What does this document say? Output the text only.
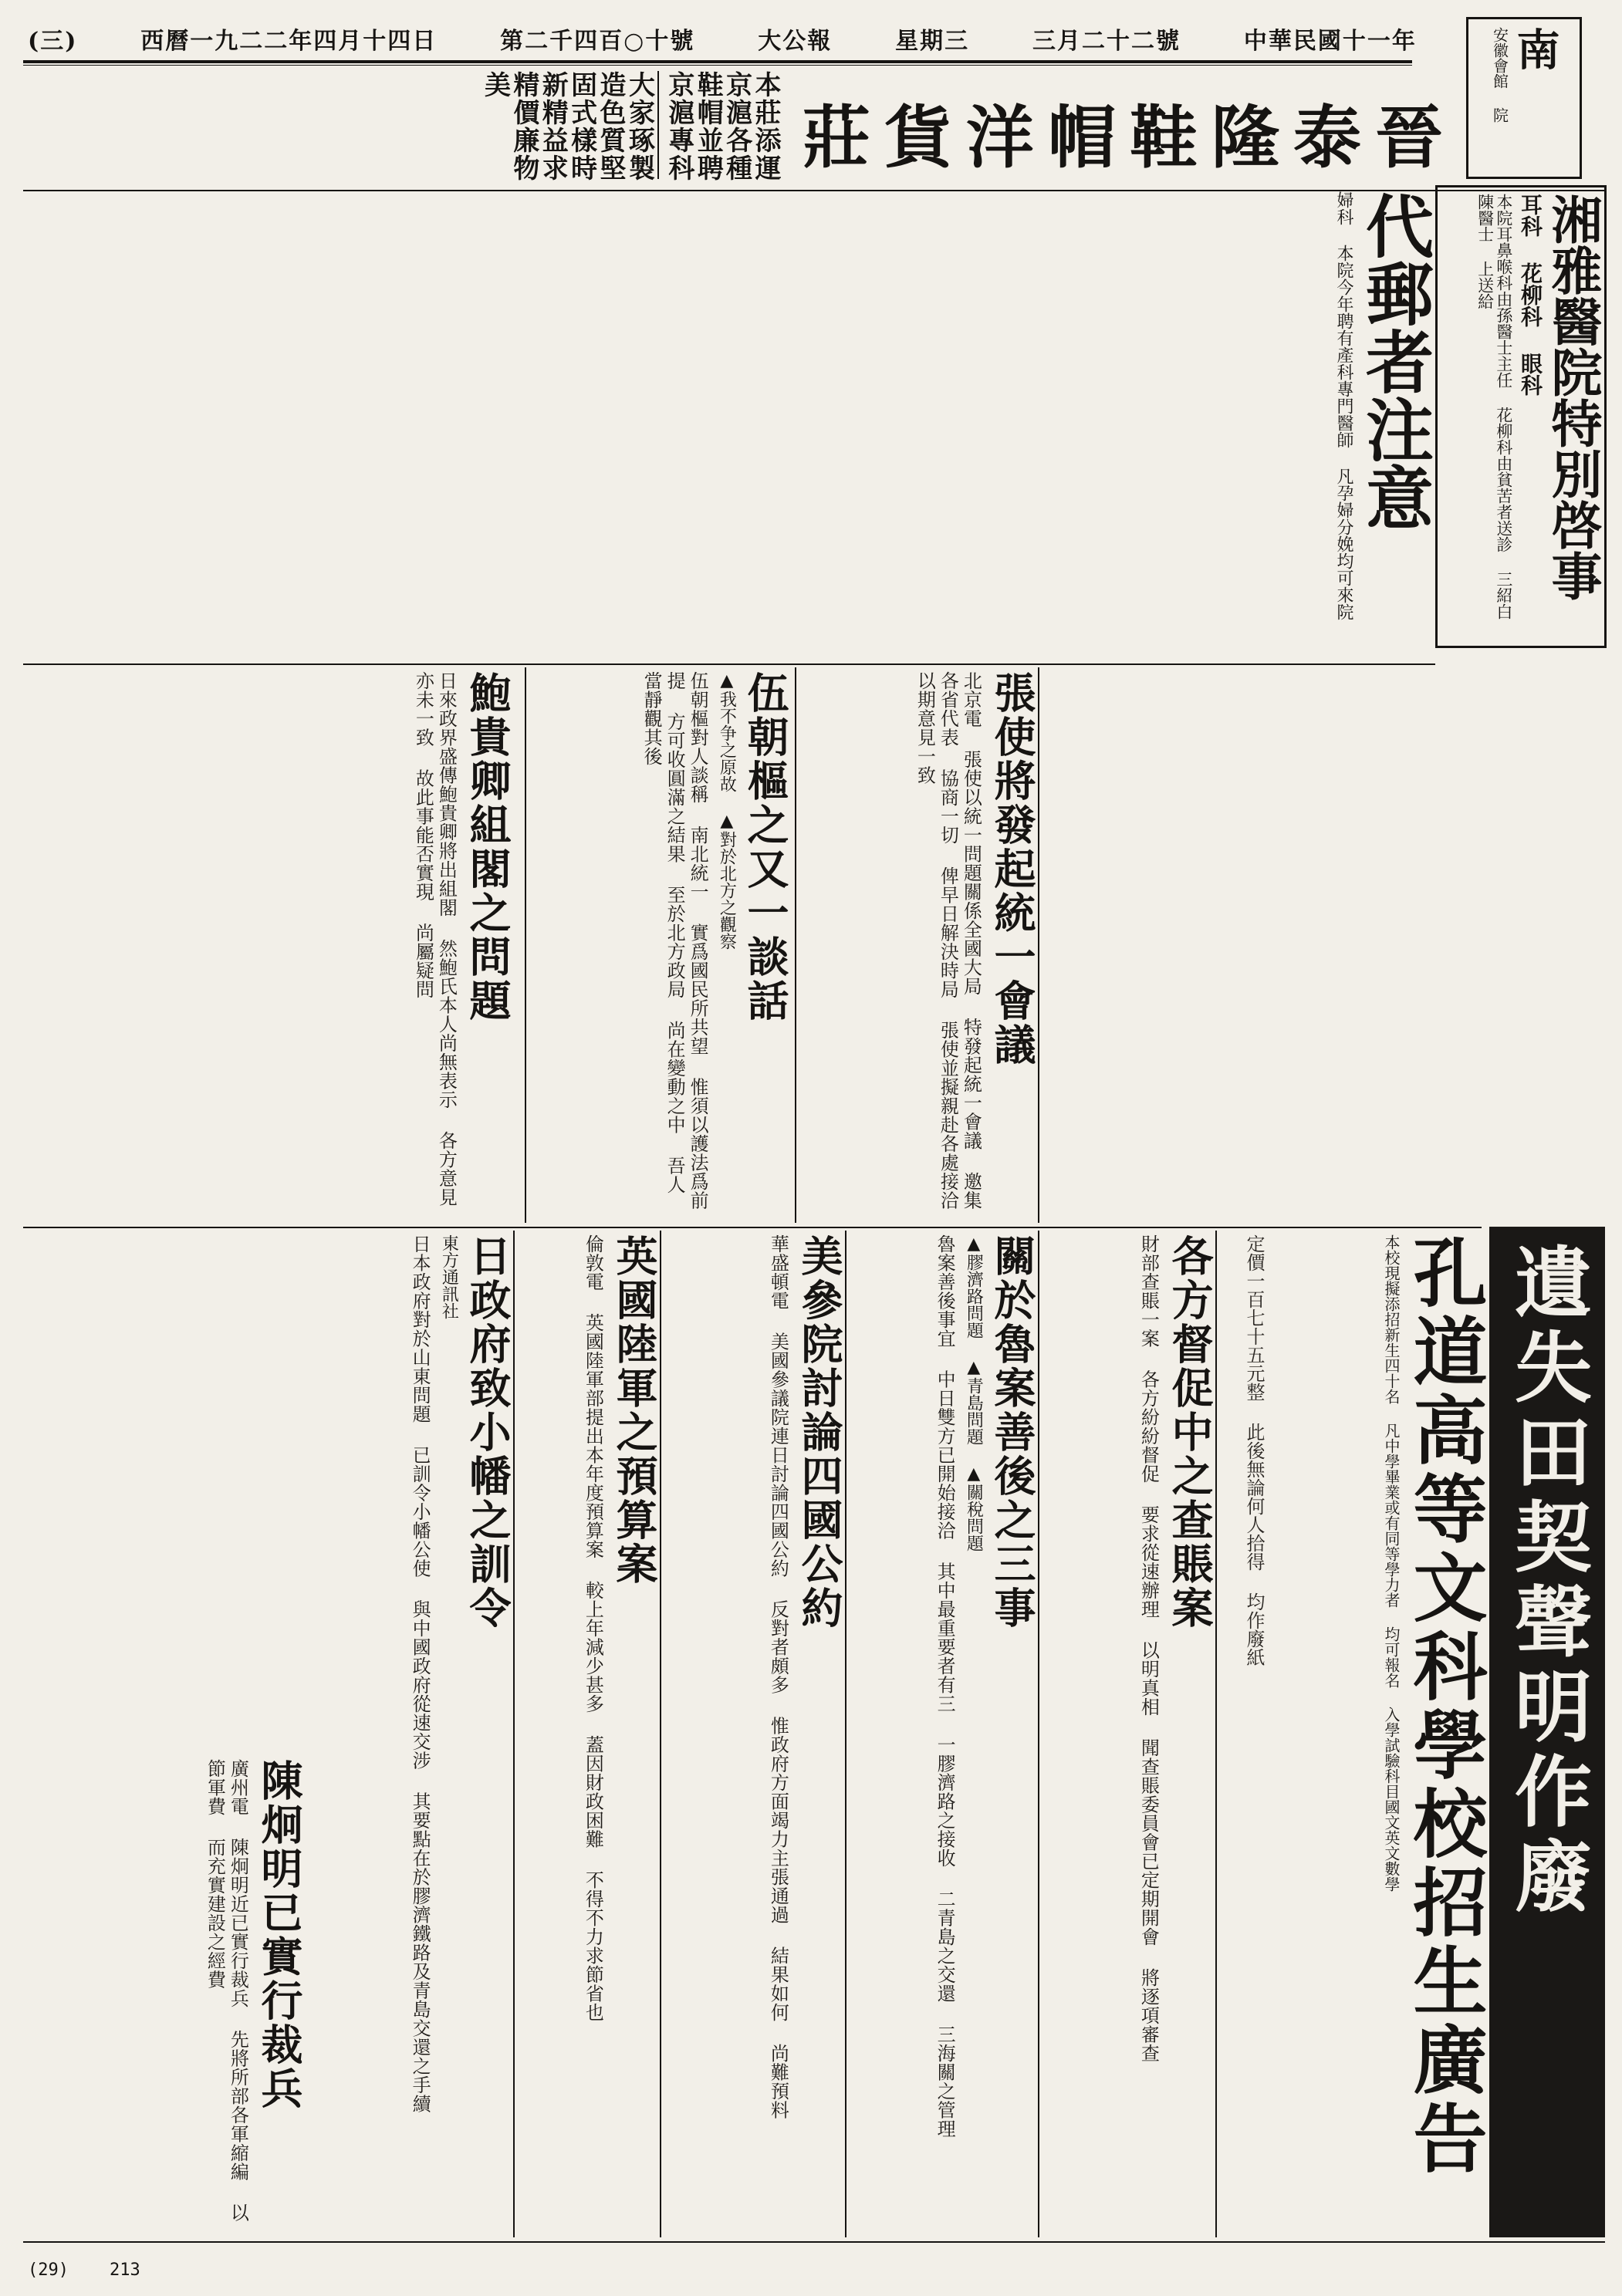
中華民國十一年
三月二十二號
星期三
大公報
第二千四百○十號
西曆一九二二年四月十四日
(三)	南
安徽會館 院
晉泰隆鞋帽洋貨莊
本莊添運京滬各種鞋帽並聘京滬專科
大家琢製造色質堅固式樣時新精益求精價廉物美
湘雅醫院特別啓事
耳科 花柳科 眼科
本院耳鼻喉科由孫醫士主任 花柳科由貧苦者送診 三紹白 陳醫士 上送給
代郵者注意
婦科 本院今年聘有產科專門醫師 凡孕婦分娩均可來院
遺失田契聲明作廢
孔道高等文科學校招生廣告
本校現擬添招新生四十名 凡中學畢業或有同等學力者 均可報名 入學試驗科目國文英文數學
定價一百七十五元整 此後無論何人拾得 均作廢紙
張使將發起統一會議
北京電 張使以統一問題關係全國大局 特發起統一會議 邀集各省代表 協商一切 俾早日解決時局 張使並擬親赴各處接洽 以期意見一致
伍朝樞之又一談話
▲我不争之原故 ▲對於北方之觀察
伍朝樞對人談稱 南北統一 實爲國民所共望 惟須以護法爲前提 方可收圓滿之結果 至於北方政局 尚在變動之中 吾人當靜觀其後
鮑貴卿組閣之問題
日來政界盛傳鮑貴卿將出組閣 然鮑氏本人尚無表示 各方意見亦未一致 故此事能否實現 尚屬疑問
各方督促中之查賬案
財部查賬一案 各方紛紛督促 要求從速辦理 以明真相 聞查賬委員會已定期開會 將逐項審查
日政府致小幡之訓令
東方通訊社
日本政府對於山東問題 已訓令小幡公使 與中國政府從速交涉 其要點在於膠濟鐵路及青島交還之手續	關於魯案善後之三事
▲膠濟路問題 ▲青島問題 ▲關稅問題
魯案善後事宜 中日雙方已開始接洽 其中最重要者有三 一膠濟路之接收 二青島之交還 三海關之管理
美參院討論四國公約
華盛頓電 美國參議院連日討論四國公約 反對者頗多 惟政府方面竭力主張通過 結果如何 尚難預料
陳炯明已實行裁兵
廣州電 陳炯明近已實行裁兵 先將所部各軍縮編 以節軍費 而充實建設之經費
英國陸軍之預算案
倫敦電 英國陸軍部提出本年度預算案 較上年減少甚多 蓋因財政困難 不得不力求節省也
(29) 213
